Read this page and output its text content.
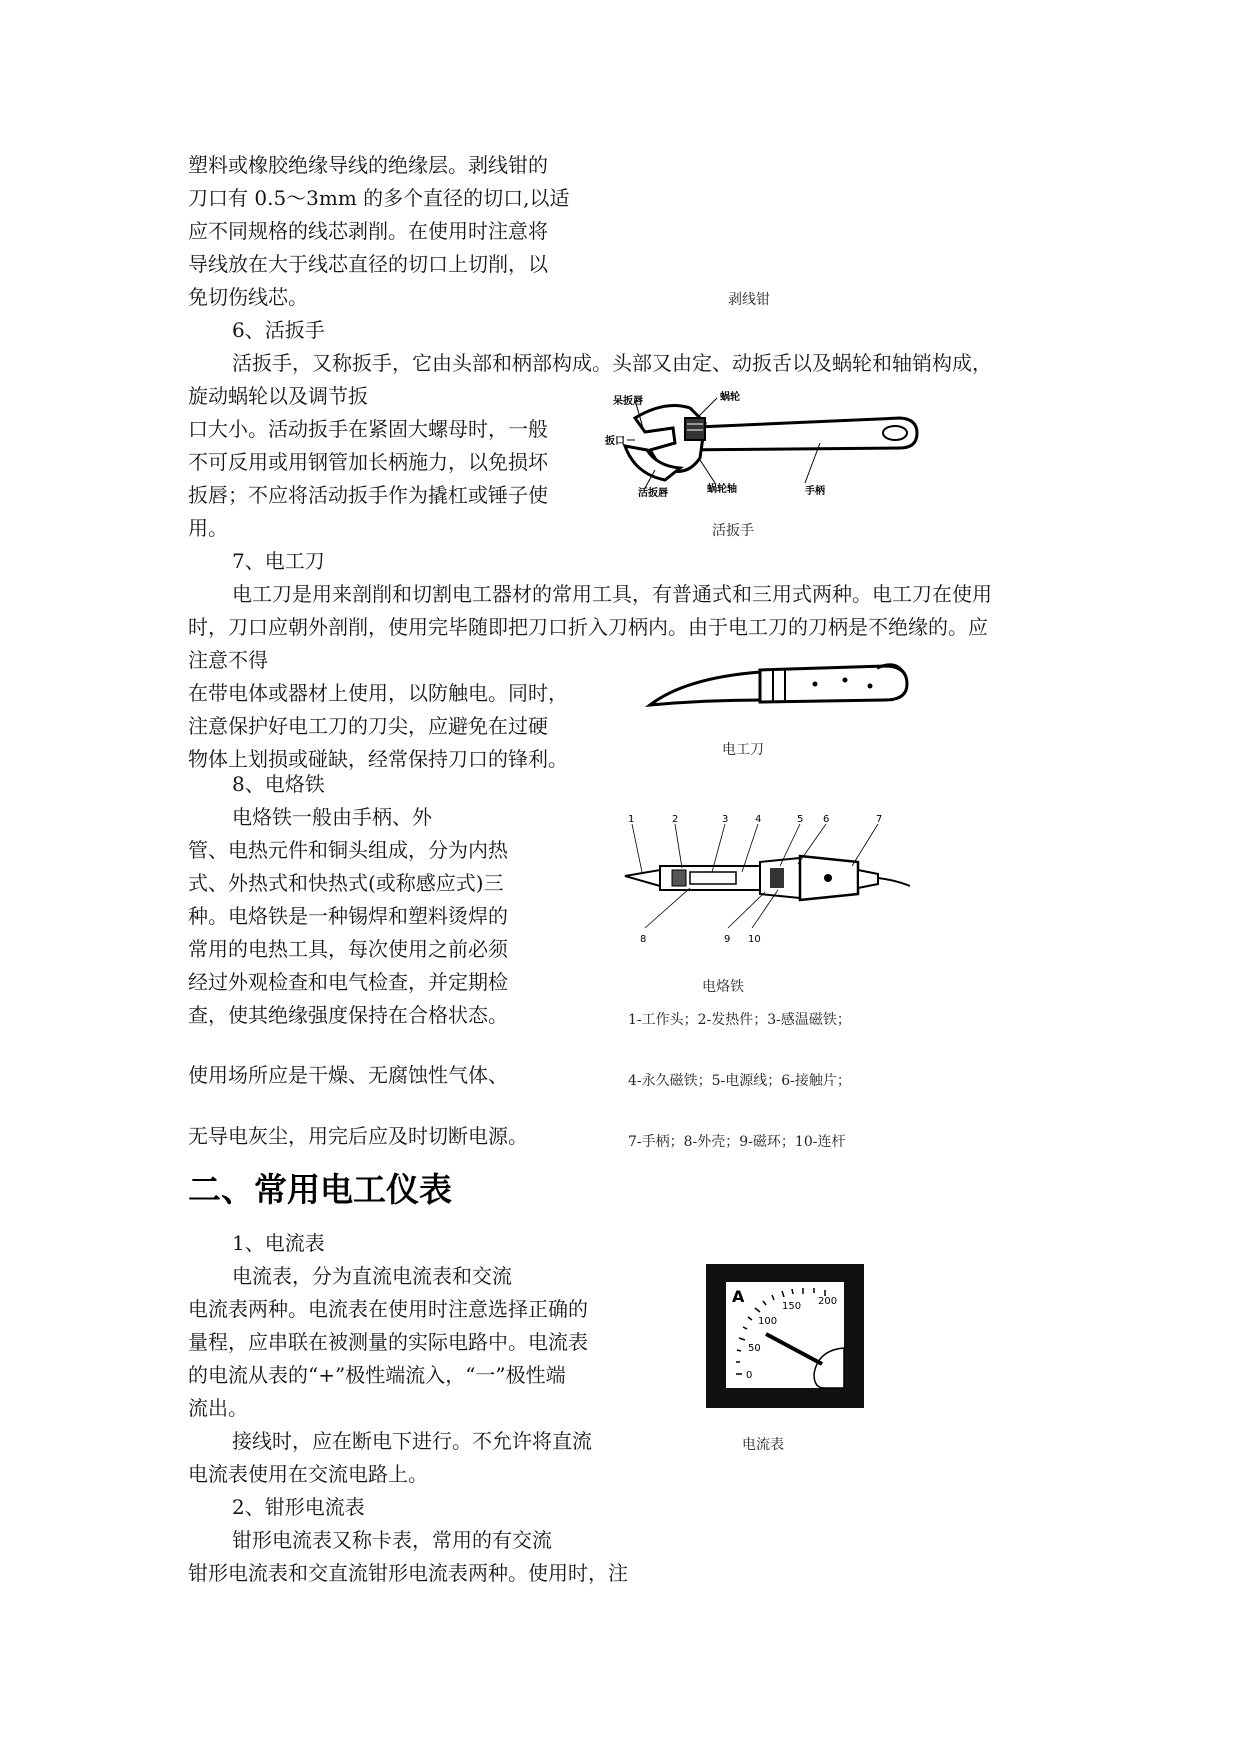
塑料或橡胶绝缘导线的绝缘层。剥线钳的
刀口有 0.5～3mm 的多个直径的切口,以适
应不同规格的线芯剥削。在使用时注意将
导线放在大于线芯直径的切口上切削，以
免切伤线芯。	剥线钳
6、活扳手
活扳手，又称扳手，它由头部和柄部构成。头部又由定、动扳舌以及蜗轮和轴销构成，
旋动蜗轮以及调节扳
口大小。活动扳手在紧固大螺母时，一般
不可反用或用钢管加长柄施力，以免损坏
扳唇；不应将活动扳手作为撬杠或锤子使
用。
呆扳唇	蜗轮
扳口
活扳唇	蜗轮轴	手柄
活扳手
7、电工刀
电工刀是用来剖削和切割电工器材的常用工具，有普通式和三用式两种。电工刀在使用
时，刀口应朝外剖削，使用完毕随即把刀口折入刀柄内。由于电工刀的刀柄是不绝缘的。应
注意不得
在带电体或器材上使用，以防触电。同时，
注意保护好电工刀的刀尖，应避免在过硬
物体上划损或碰缺，经常保持刀口的锋利。	电工刀
8、电烙铁
电烙铁一般由手柄、外
管、电热元件和铜头组成，分为内热
式、外热式和快热式(或称感应式)三
种。电烙铁是一种锡焊和塑料烫焊的
常用的电热工具，每次使用之前必须
经过外观检查和电气检查，并定期检
查，使其绝缘强度保持在合格状态。
使用场所应是干燥、无腐蚀性气体、
无导电灰尘，用完后应及时切断电源。
1	2	3	4	5 6	7
8	9 10
电烙铁
1-工作头；2-发热件；3-感温磁铁；
4-永久磁铁；5-电源线；6-接触片；
7-手柄；8-外壳；9-磁环；10-连杆
二、常用电工仪表
1、电流表
电流表，分为直流电流表和交流
电流表两种。电流表在使用时注意选择正确的
量程，应串联在被测量的实际电路中。电流表
的电流从表的“+”极性端流入，“一”极性端
流出。
接线时，应在断电下进行。不允许将直流
电流表使用在交流电路上。
A
0
50
100
150 200
电流表
2、钳形电流表
钳形电流表又称卡表，常用的有交流
钳形电流表和交直流钳形电流表两种。使用时，注
